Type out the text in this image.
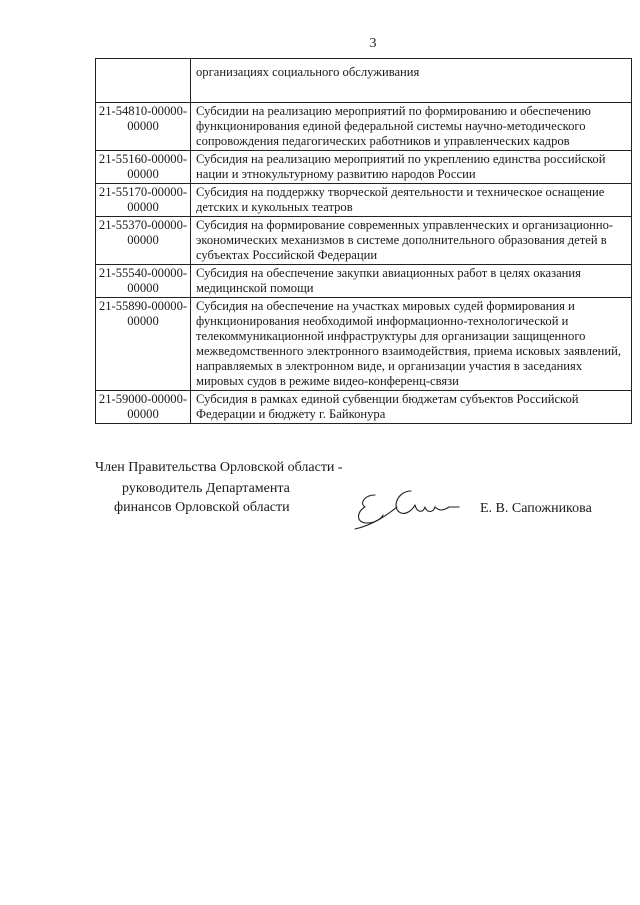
3
	организациях социального обслуживания
21-54810-00000-00000	Субсидии на реализацию мероприятий по формированию и обеспечению функционирования единой федеральной системы научно-методического сопровождения педагогических работников и управленческих кадров
21-55160-00000-00000	Субсидия на реализацию мероприятий по укреплению единства российской нации и этнокультурному развитию народов России
21-55170-00000-00000	Субсидия на поддержку творческой деятельности и техническое оснащение детских и кукольных театров
21-55370-00000-00000	Субсидия на формирование современных управленческих и организационно-экономических механизмов в системе дополнительного образования детей в субъектах Российской Федерации
21-55540-00000-00000	Субсидия на обеспечение закупки авиационных работ в целях оказания медицинской помощи
21-55890-00000-00000	Субсидия на обеспечение на участках мировых судей формирования и функционирования необходимой информационно-технологической и телекоммуникационной инфраструктуры для организации защищенного межведомственного электронного взаимодействия, приема исковых заявлений, направляемых в электронном виде, и организации участия в заседаниях мировых судов в режиме видео-конференц-связи
21-59000-00000-00000	Субсидия в рамках единой субвенции бюджетам субъектов Российской Федерации и бюджету г. Байконура
Член Правительства Орловской области -
руководитель Департамента
финансов Орловской области	Е. В. Сапожникова
